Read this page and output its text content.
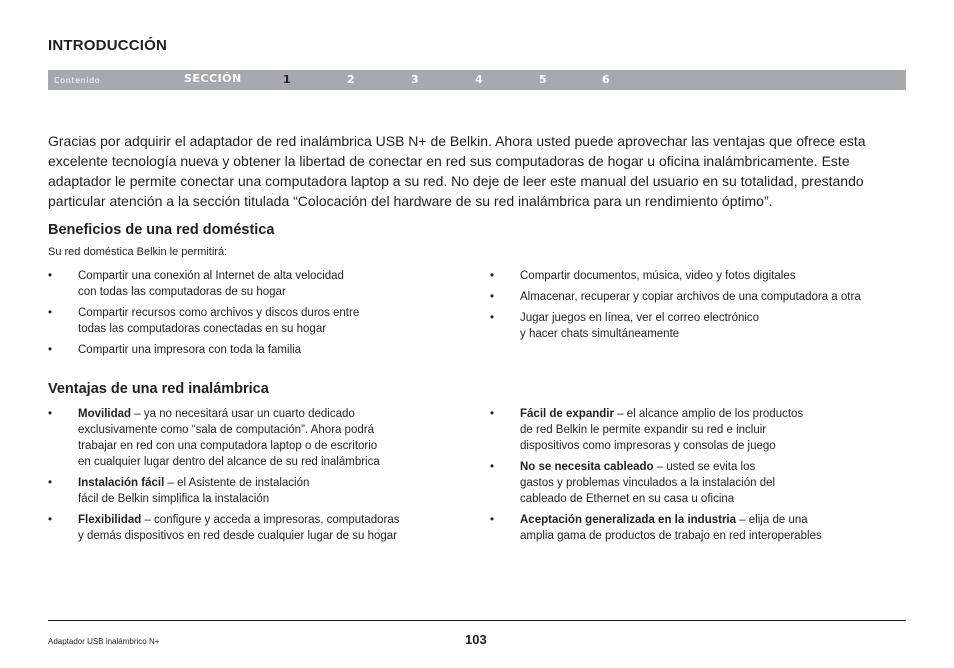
INTRODUCCIÓN
Contenido	SECCIÓN	1	2	3	4	5	6

Gracias por adquirir el adaptador de red inalámbrica USB N+ de Belkin. Ahora usted puede aprovechar las ventajas que ofrece esta excelente tecnología nueva y obtener la libertad de conectar en red sus computadoras de hogar u oficina inalámbricamente. Este adaptador le permite conectar una computadora laptop a su red. No deje de leer este manual del usuario en su totalidad, prestando particular atención a la sección titulada “Colocación del hardware de su red inalámbrica para un rendimiento óptimo”.

Beneficios de una red doméstica
Su red doméstica Belkin le permitirá:
• Compartir una conexión al Internet de alta velocidad
con todas las computadoras de su hogar
• Compartir recursos como archivos y discos duros entre
todas las computadoras conectadas en su hogar
• Compartir una impresora con toda la familia
• Compartir documentos, música, video y fotos digitales
• Almacenar, recuperar y copiar archivos de una computadora a otra
• Jugar juegos en línea, ver el correo electrónico
y hacer chats simultáneamente
Ventajas de una red inalámbrica
• Movilidad – ya no necesitará usar un cuarto dedicado
exclusivamente como “sala de computación”. Ahora podrá
trabajar en red con una computadora laptop o de escritorio
en cualquier lugar dentro del alcance de su red inalámbrica
• Instalación fácil – el Asistente de instalación
fácil de Belkin simplifica la instalación
• Flexibilidad – configure y acceda a impresoras, computadoras
y demás dispositivos en red desde cualquier lugar de su hogar
• Fácil de expandir – el alcance amplio de los productos
de red Belkin le permite expandir su red e incluir
dispositivos como impresoras y consolas de juego
• No se necesita cableado – usted se evita los
gastos y problemas vinculados a la instalación del
cableado de Ethernet en su casa u oficina
• Aceptación generalizada en la industria – elija de una
amplia gama de productos de trabajo en red interoperables
Adaptador USB inalámbrico N+	103
